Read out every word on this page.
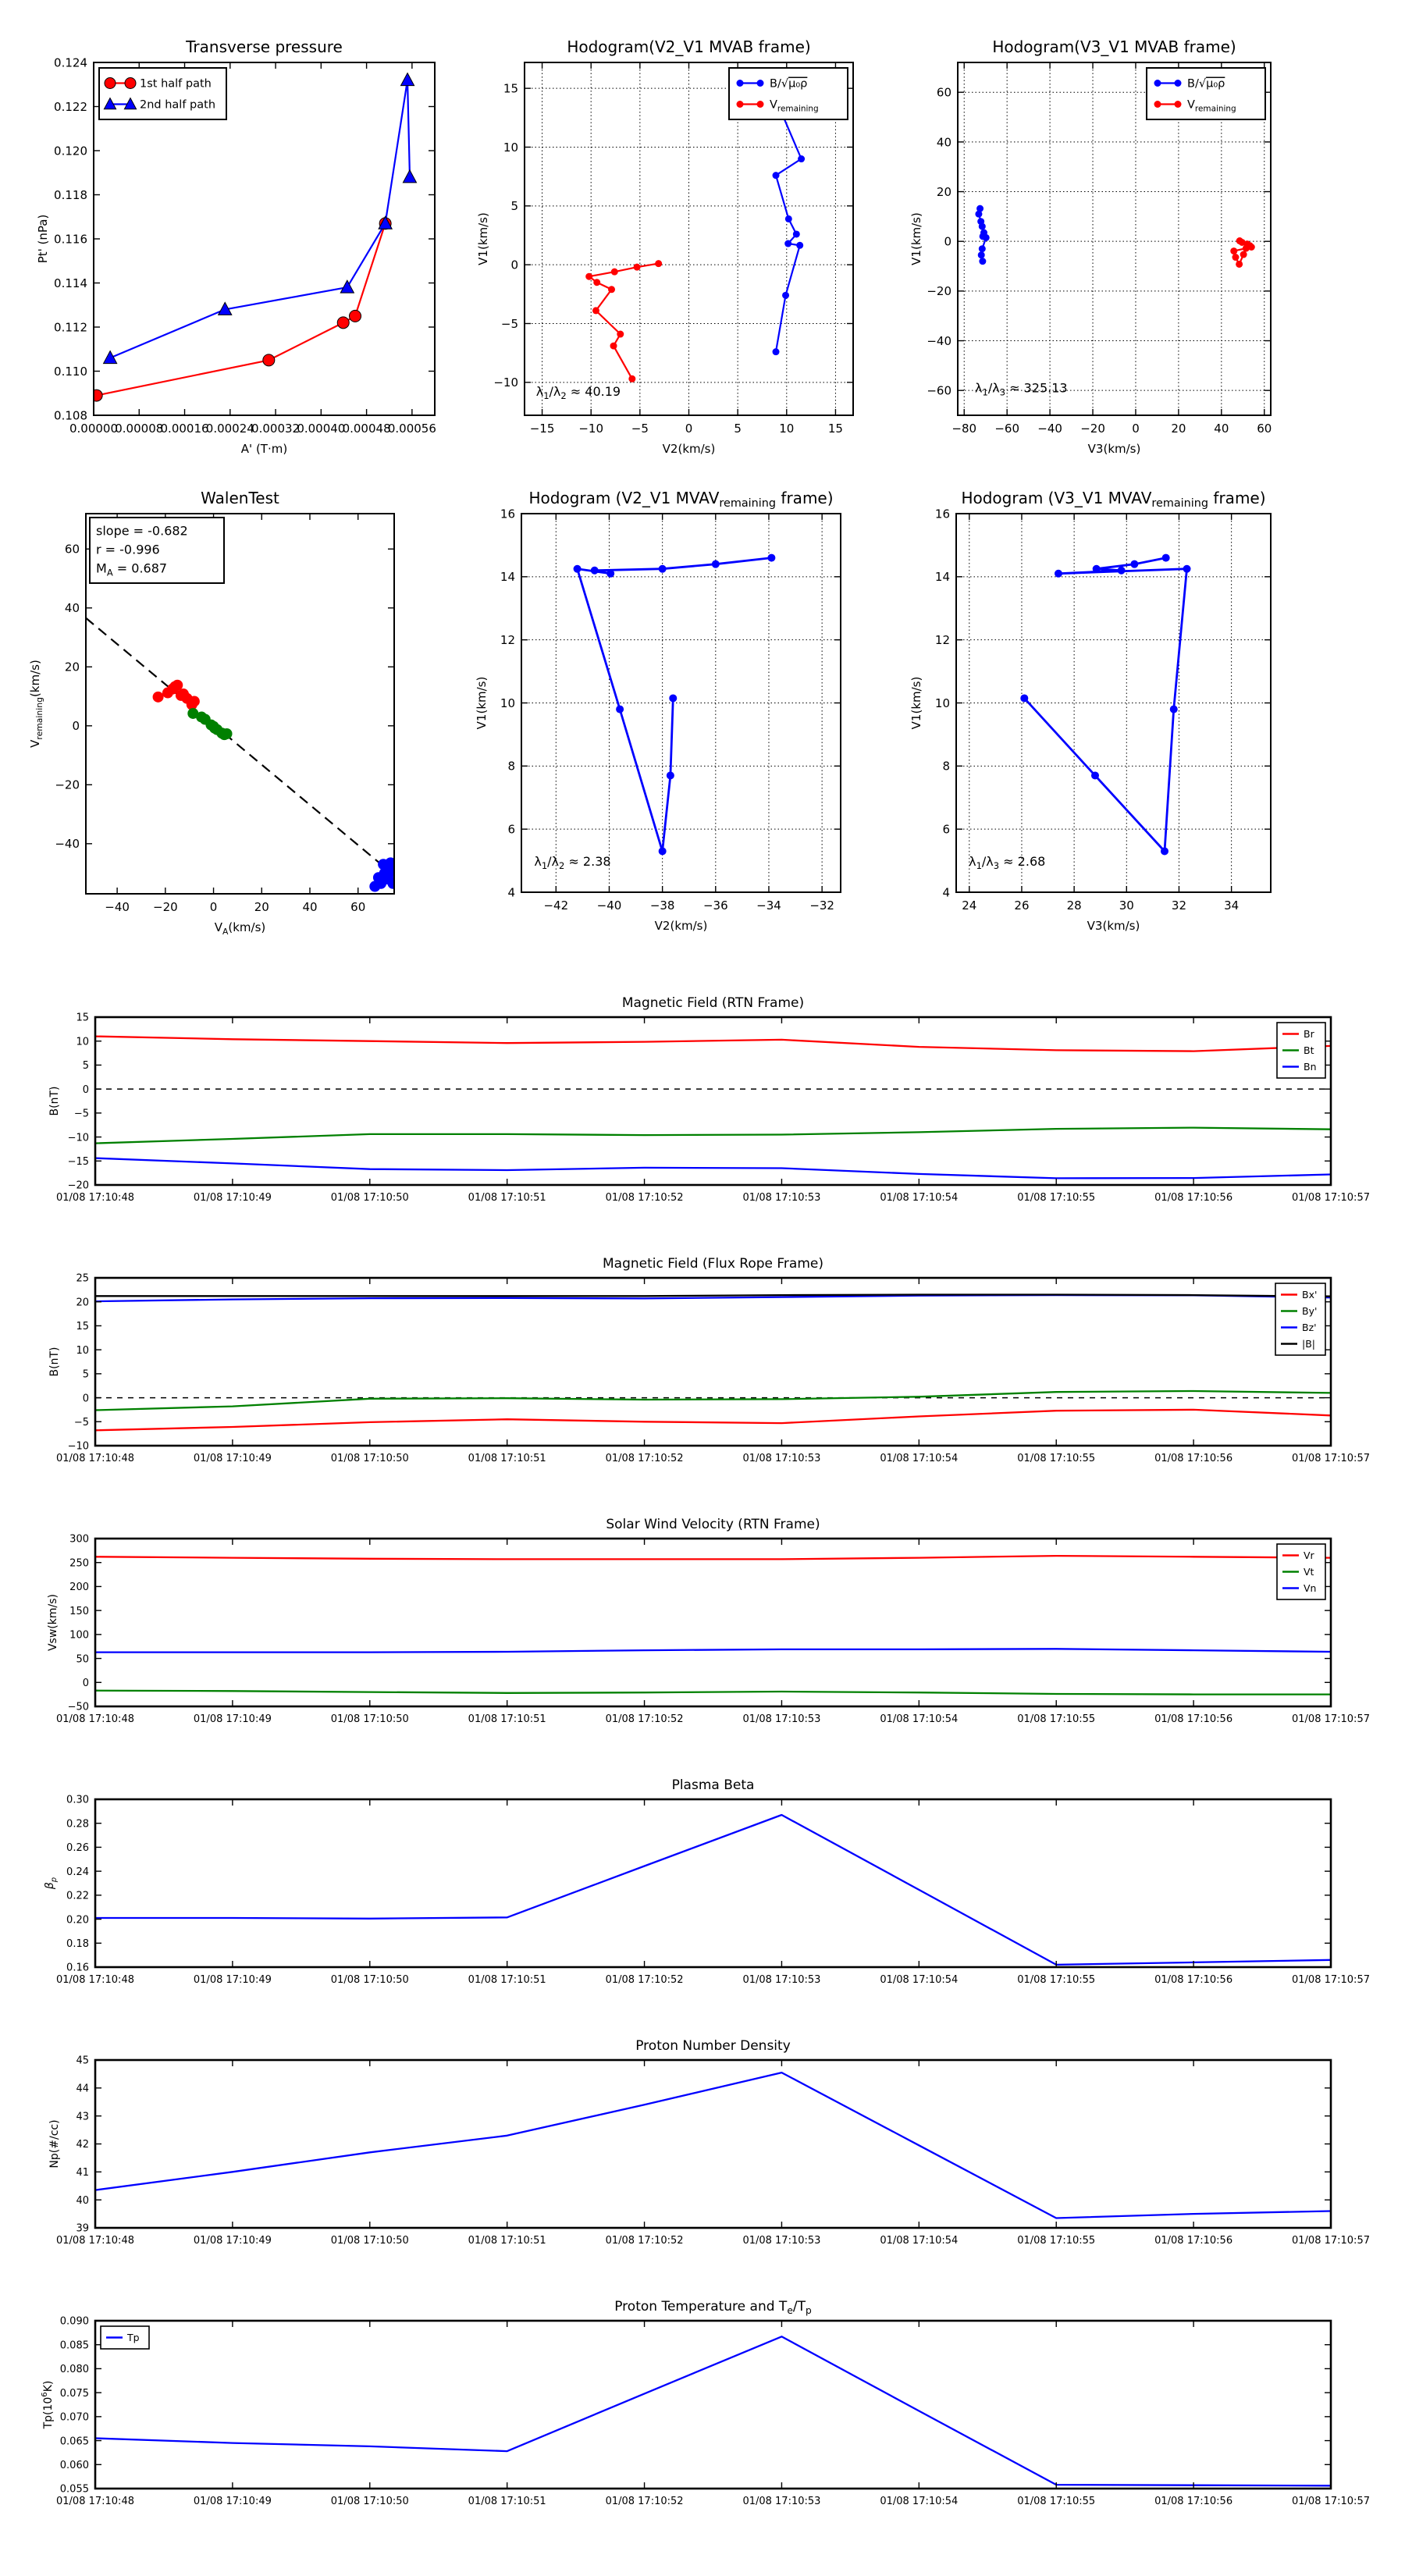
0.00000
0.00008
0.00016
0.00024
0.00032
0.00040
0.00048
0.00056
0.108
0.110
0.112
0.114
0.116
0.118
0.120
0.122
0.124
Transverse pressure
A' (T·m)
Pt' (nPa)
1st half path
2nd half path
−15 −10 −5	0	5	10	15
−10
−5
0
5
10
15
Hodogram(V2_V1 MVAB frame)
V2(km/s)
V1(km/s)
$\lambda_1/\lambda_2 \approx 40.19$
B/√μ₀ρ
$V_{remaining}$
−80 −60 −40 −20 0	20 40 60
−60
−40
−20
0
20
40
60
Hodogram(V3_V1 MVAB frame)
V3(km/s)
V1(km/s)
$\lambda_1/\lambda_3 \approx 325.13$
B/√μ₀ρ
$V_{remaining}$
−40 −20	0	20	40	60
−40
−20
0
20
40
60
WalenTest
$V_A(km/s)$
$V_{remaining}(km/s)$
slope = -0.682
r = -0.996
$M_A = 0.687$
−42 −40 −38 −36 −34 −32
4
6
8
10
12
14
16
Hodogram (V2_V1 $MVAV_{remaining}$ frame)
V2(km/s)
V1(km/s)
$\lambda_1/\lambda_2 \approx 2.38$
24	26	28	30	32	34
4
6
8
10
12
14
16
Hodogram (V3_V1 $MVAV_{remaining}$ frame)
V3(km/s)
V1(km/s)
$\lambda_1/\lambda_3 \approx 2.68$
01/08 17:10:48	01/08 17:10:49	01/08 17:10:50	01/08 17:10:51	01/08 17:10:52	01/08 17:10:53	01/08 17:10:54	01/08 17:10:55	01/08 17:10:56	01/08 17:10:57
−20
−15
−10
−5
0
5
10
15
Magnetic Field (RTN Frame)
B(nT)
Br
Bt
Bn
01/08 17:10:48	01/08 17:10:49	01/08 17:10:50	01/08 17:10:51	01/08 17:10:52	01/08 17:10:53	01/08 17:10:54	01/08 17:10:55	01/08 17:10:56	01/08 17:10:57
−10
−5
0
5
10
15
20
25
Magnetic Field (Flux Rope Frame)
B(nT)
Bx'
By'
Bz'
|B|
01/08 17:10:48	01/08 17:10:49	01/08 17:10:50	01/08 17:10:51	01/08 17:10:52	01/08 17:10:53	01/08 17:10:54	01/08 17:10:55	01/08 17:10:56	01/08 17:10:57
−50
0
50
100
150
200
250
300
Solar Wind Velocity (RTN Frame)
Vsw(km/s)
Vr
Vt
Vn
01/08 17:10:48	01/08 17:10:49	01/08 17:10:50	01/08 17:10:51	01/08 17:10:52	01/08 17:10:53	01/08 17:10:54	01/08 17:10:55	01/08 17:10:56	01/08 17:10:57
0.16
0.18
0.20
0.22
0.24
0.26
0.28
0.30
Plasma Beta
$\beta_p$
01/08 17:10:48	01/08 17:10:49	01/08 17:10:50	01/08 17:10:51	01/08 17:10:52	01/08 17:10:53	01/08 17:10:54	01/08 17:10:55	01/08 17:10:56	01/08 17:10:57
39
40
41
42
43
44
45
Proton Number Density
Np(#/cc)
01/08 17:10:48	01/08 17:10:49	01/08 17:10:50	01/08 17:10:51	01/08 17:10:52	01/08 17:10:53	01/08 17:10:54	01/08 17:10:55	01/08 17:10:56	01/08 17:10:57
0.055
0.060
0.065
0.070
0.075
0.080
0.085
0.090
Proton Temperature and $T_e/T_p$
$Tp(10^6K)$
Tp
